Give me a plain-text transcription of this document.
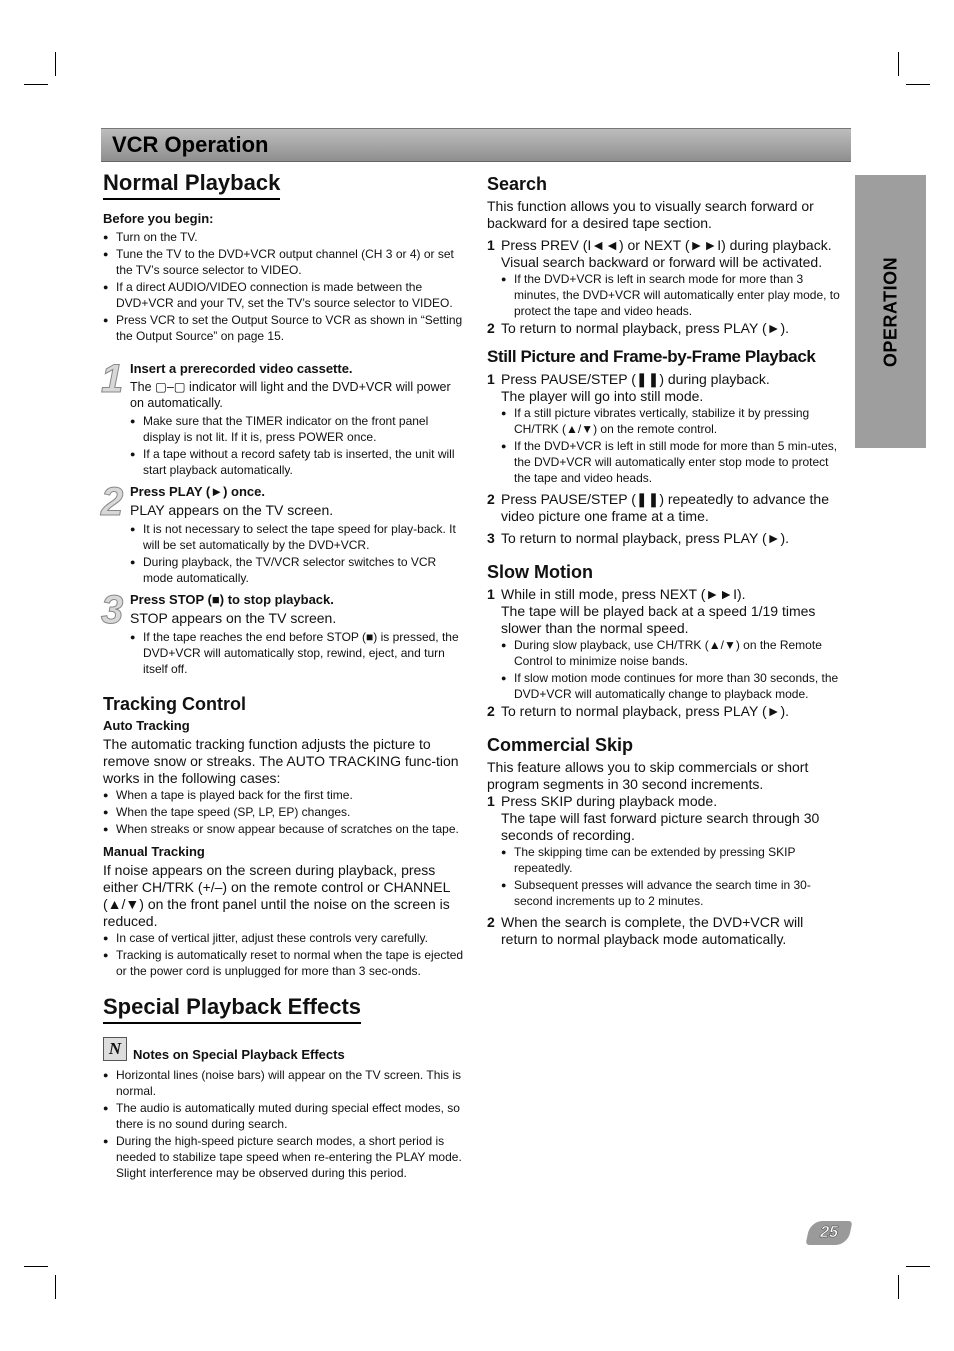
VCR Operation
OPERATION
Normal Playback
Before you begin:
● Turn on the TV.
● Tune the TV to the DVD+VCR output channel (CH 3 or 4) or set the TV’s source selector to VIDEO.
● If a direct AUDIO/VIDEO connection is made between the DVD+VCR and your TV, set the TV’s source selector to VIDEO.
● Press VCR to set the Output Source to VCR as shown in “Setting the Output Source” on page 15.
1 Insert a prerecorded video cassette.

The ▢–▢ indicator will light and the DVD+VCR will power on automatically.

● Make sure that the TIMER indicator on the front panel display is not lit. If it is, press POWER once.
● If a tape without a record safety tab is inserted, the unit will start playback automatically.
2 Press PLAY (►) once.

PLAY appears on the TV screen.

● It is not necessary to select the tape speed for play-back. It will be set automatically by the DVD+VCR.
● During playback, the TV/VCR selector switches to VCR mode automatically.
3 Press STOP (■) to stop playback.

STOP appears on the TV screen.

● If the tape reaches the end before STOP (■) is pressed, the DVD+VCR will automatically stop, rewind, eject, and turn itself off.
Tracking Control
Auto Tracking

The automatic tracking function adjusts the picture to remove snow or streaks. The AUTO TRACKING func-tion works in the following cases:

● When a tape is played back for the first time.
● When the tape speed (SP, LP, EP) changes.
● When streaks or snow appear because of scratches on the tape.
Manual Tracking

If noise appears on the screen during playback, press either CH/TRK (+/–) on the remote control or CHANNEL (▲/▼) on the front panel until the noise on the screen is reduced.

● In case of vertical jitter, adjust these controls very carefully.
● Tracking is automatically reset to normal when the tape is ejected or the power cord is unplugged for more than 3 sec-onds.
Special Playback Effects
N Notes on Special Playback Effects
● Horizontal lines (noise bars) will appear on the TV screen. This is normal.
● The audio is automatically muted during special effect modes, so there is no sound during search.
● During the high-speed picture search modes, a short period is needed to stabilize tape speed when re-entering the PLAY mode. Slight interference may be observed during this period.
Search

This function allows you to visually search forward or backward for a desired tape section.

1 Press PREV (I◄◄) or NEXT (►►I) during playback.

Visual search backward or forward will be activated.

● If the DVD+VCR is left in search mode for more than 3 minutes, the DVD+VCR will automatically enter play mode, to protect the tape and video heads.

2 To return to normal playback, press PLAY (►).

Still Picture and Frame-by-Frame Playback

1 Press PAUSE/STEP (❚❚) during playback.

The player will go into still mode.

● If a still picture vibrates vertically, stabilize it by pressing CH/TRK (▲/▼) on the remote control.
● If the DVD+VCR is left in still mode for more than 5 min-utes, the DVD+VCR will automatically enter stop mode to protect the tape and video heads.

2 Press PAUSE/STEP (❚❚) repeatedly to advance the video picture one frame at a time.

3 To return to normal playback, press PLAY (►).

Slow Motion

1 While in still mode, press NEXT (►►I).

The tape will be played back at a speed 1/19 times slower than the normal speed.

● During slow playback, use CH/TRK (▲/▼) on the Remote Control to minimize noise bands.
● If slow motion mode continues for more than 30 seconds, the DVD+VCR will automatically change to playback mode.

2 To return to normal playback, press PLAY (►).

Commercial Skip

This feature allows you to skip commercials or short program segments in 30 second increments.

1 Press SKIP during playback mode.

The tape will fast forward picture search through 30 seconds of recording.

● The skipping time can be extended by pressing SKIP repeatedly.
● Subsequent presses will advance the search time in 30-second increments up to 2 minutes.

2 When the search is complete, the DVD+VCR will return to normal playback mode automatically.

25
